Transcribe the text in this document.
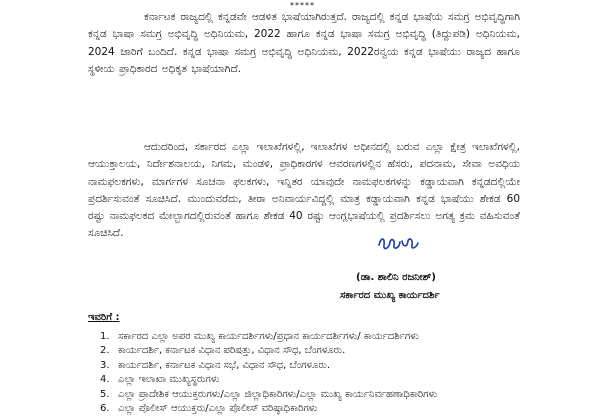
*****

ಕರ್ನಾಟಕ ರಾಜ್ಯದಲ್ಲಿ ಕನ್ನಡವೇ ಆಡಳಿತ ಭಾಷೆಯಾಗಿರುತ್ತದೆ. ರಾಜ್ಯದಲ್ಲಿ ಕನ್ನಡ ಭಾಷೆಯ ಸಮಗ್ರ ಅಭಿವೃದ್ಧಿಗಾಗಿ ಕನ್ನಡ ಭಾಷಾ ಸಮಗ್ರ ಅಭಿವೃದ್ಧಿ ಅಧಿನಿಯಮ, 2022 ಹಾಗೂ ಕನ್ನಡ ಭಾಷಾ ಸಮಗ್ರ ಅಭಿವೃದ್ಧಿ (ತಿದ್ದುಪಡಿ) ಅಧಿನಿಯಮ, 2024 ಜಾರಿಗೆ ಬಂದಿದೆ. ಕನ್ನಡ ಭಾಷಾ ಸಮಗ್ರ ಅಭಿವೃದ್ಧಿ ಅಧಿನಿಯಮ, 2022ರನ್ವಯ ಕನ್ನಡ ಭಾಷೆಯು ರಾಜ್ಯದ ಹಾಗೂ ಸ್ಥಳೀಯ ಪ್ರಾಧಿಕಾರದ ಅಧಿಕೃತ ಭಾಷೆಯಾಗಿದೆ.

ಆದುದರಿಂದ, ಸರ್ಕಾರದ ಎಲ್ಲಾ ಇಲಾಖೆಗಳಲ್ಲಿ, ಇಲಾಖೆಗಳ ಅಧೀನದಲ್ಲಿ ಬರುವ ಎಲ್ಲಾ ಕ್ಷೇತ್ರ ಇಲಾಖೆಗಳಲ್ಲಿ, ಆಯುಕ್ತಾಲಯ, ನಿರ್ದೇಶನಾಲಯ, ನಿಗಮ, ಮಂಡಳಿ, ಪ್ರಾಧಿಕಾರಗಳ ಆವರಣಗಳಲ್ಲಿನ ಹೆಸರು, ಪದನಾಮ, ಸೇವಾ ಅವಧಿಯ ನಾಮಫಲಕಗಳು, ಮಾರ್ಗಗಳ ಸೂಚನಾ ಫಲಕಗಳು, ಇನ್ನಿತರ ಯಾವುದೇ ನಾಮಫಲಕಗಳನ್ನು ಕಡ್ಡಾಯವಾಗಿ ಕನ್ನಡದಲ್ಲಿಯೇ ಪ್ರದರ್ಶಿಸುವಂತೆ ಸೂಚಿಸಿದೆ. ಮುಂದುವರೆದು, ತೀರಾ ಅನಿವಾರ್ಯವಿದ್ದಲ್ಲಿ ಮಾತ್ರ ಕಡ್ಡಾಯವಾಗಿ ಕನ್ನಡ ಭಾಷೆಯು ಶೇಕಡ 60 ರಷ್ಟು ನಾಮಫಲಕದ ಮೇಲ್ಭಾಗದಲ್ಲಿರುವಂತೆ ಹಾಗೂ ಶೇಕಡ 40 ರಷ್ಟು ಆಂಗ್ಲಭಾಷೆಯಲ್ಲಿ ಪ್ರದರ್ಶಿಸಲು ಅಗತ್ಯ ಕ್ರಮ ವಹಿಸುವಂತೆ ಸೂಚಿಸಿದೆ.

(ಡಾ. ಶಾಲಿನಿ ರಜನೀಶ್)
ಸರ್ಕಾರದ ಮುಖ್ಯ ಕಾರ್ಯದರ್ಶಿ
ಇವರಿಗೆ :
1. ಸರ್ಕಾರದ ಎಲ್ಲಾ ಅಪರ ಮುಖ್ಯ ಕಾರ್ಯದರ್ಶಿಗಳು/ಪ್ರಧಾನ ಕಾರ್ಯದರ್ಶಿಗಳು/ ಕಾರ್ಯದರ್ಶಿಗಳು
2. ಕಾರ್ಯದರ್ಶಿ, ಕರ್ನಾಟಕ ವಿಧಾನ ಪರಿಷತ್ತು, ವಿಧಾನ ಸೌಧ, ಬೆಂಗಳೂರು.
3. ಕಾರ್ಯದರ್ಶಿ, ಕರ್ನಾಟಕ ವಿಧಾನ ಸಭೆ, ವಿಧಾನ ಸೌಧ, ಬೆಂಗಳೂರು.
4. ಎಲ್ಲಾ ಇಲಾಖಾ ಮುಖ್ಯಸ್ಥರುಗಳು
5. ಎಲ್ಲಾ ಪ್ರಾದೇಶಿಕ ಆಯುಕ್ತರುಗಳು/ಎಲ್ಲಾ ಜಿಲ್ಲಾಧಿಕಾರಿಗಳು/ಎಲ್ಲಾ ಮುಖ್ಯ ಕಾರ್ಯನಿರ್ವಹಣಾಧಿಕಾರಿಗಳು
6. ಎಲ್ಲಾ ಪೊಲೀಸ್ ಆಯುಕ್ತರು/ಎಲ್ಲಾ ಪೊಲೀಸ್ ವರಿಷ್ಠಾಧಿಕಾರಿಗಳು
